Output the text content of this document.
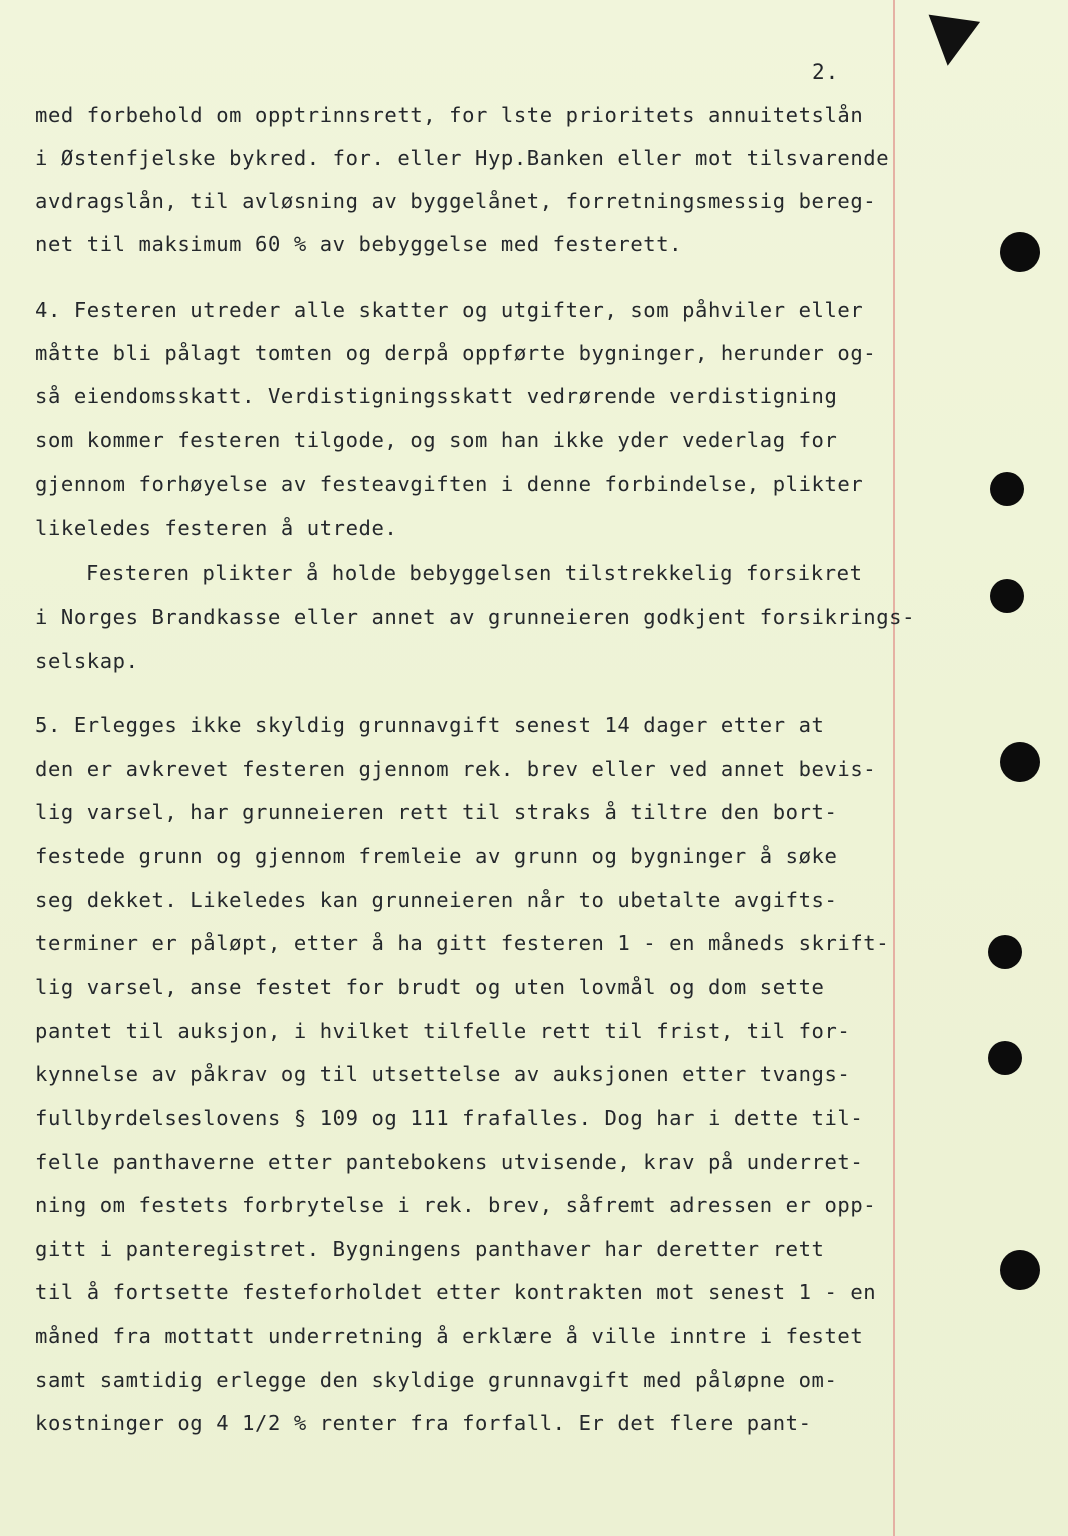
2.
med forbehold om opptrinnsrett, for lste prioritets annuitetslån
i Østenfjelske bykred. for. eller Hyp.Banken eller mot tilsvarende
avdragslån, til avløsning av byggelånet, forretningsmessig bereg-
net til maksimum 60 % av bebyggelse med festerett.
4. Festeren utreder alle skatter og utgifter, som påhviler eller
måtte bli pålagt tomten og derpå oppførte bygninger, herunder og-
så eiendomsskatt. Verdistigningsskatt vedrørende verdistigning
som kommer festeren tilgode, og som han ikke yder vederlag for
gjennom forhøyelse av festeavgiften i denne forbindelse, plikter
likeledes festeren å utrede.
Festeren plikter å holde bebyggelsen tilstrekkelig forsikret
i Norges Brandkasse eller annet av grunneieren godkjent forsikrings-
selskap.
5. Erlegges ikke skyldig grunnavgift senest 14 dager etter at
den er avkrevet festeren gjennom rek. brev eller ved annet bevis-
lig varsel, har grunneieren rett til straks å tiltre den bort-
festede grunn og gjennom fremleie av grunn og bygninger å søke
seg dekket. Likeledes kan grunneieren når to ubetalte avgifts-
terminer er påløpt, etter å ha gitt festeren 1 - en måneds skrift-
lig varsel, anse festet for brudt og uten lovmål og dom sette
pantet til auksjon, i hvilket tilfelle rett til frist, til for-
kynnelse av påkrav og til utsettelse av auksjonen etter tvangs-
fullbyrdelseslovens § 109 og 111 frafalles. Dog har i dette til-
felle panthaverne etter pantebokens utvisende, krav på underret-
ning om festets forbrytelse i rek. brev, såfremt adressen er opp-
gitt i panteregistret. Bygningens panthaver har deretter rett
til å fortsette festeforholdet etter kontrakten mot senest 1 - en
måned fra mottatt underretning å erklære å ville inntre i festet
samt samtidig erlegge den skyldige grunnavgift med påløpne om-
kostninger og 4 1/2 % renter fra forfall. Er det flere pant-
